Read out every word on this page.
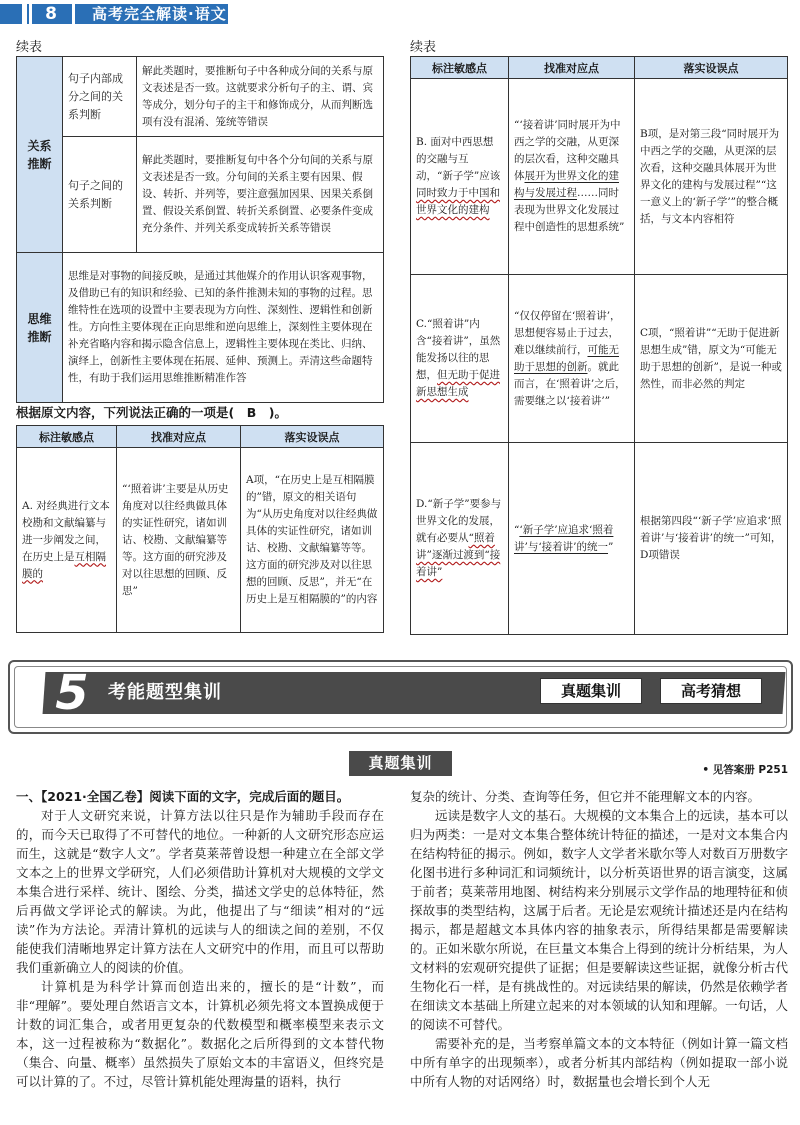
8	高考完全解读·语文
续表
关系推断	句子内部成分之间的关系判断	解此类题时，要推断句子中各种成分间的关系与原文表述是否一致。这就要求分析句子的主、谓、宾等成分，划分句子的主干和修饰成分，从而判断选项有没有混淆、笼统等错误
	句子之间的关系判断	解此类题时，要推断复句中各个分句间的关系与原文表述是否一致。分句间的关系主要有因果、假设、转折、并列等，要注意强加因果、因果关系倒置、假设关系倒置、转折关系倒置、必要条件变成充分条件、并列关系变成转折关系等错误
思维推断	思维是对事物的间接反映，是通过其他媒介的作用认识客观事物，及借助已有的知识和经验、已知的条件推测未知的事物的过程。思维特性在选项的设置中主要表现为方向性、深刻性、逻辑性和创新性。方向性主要体现在正向思维和逆向思维上，深刻性主要体现在补充省略内容和揭示隐含信息上，逻辑性主要体现在类比、归纳、演绎上，创新性主要体现在拓展、延伸、预测上。弄清这些命题特性，有助于我们运用思维推断精准作答	
根据原文内容，下列说法正确的一项是(　B　)。
标注敏感点	找准对应点	落实设误点
A. 对经典进行文本校勘和文献编纂与进一步阐发之间，在历史上是互相隔膜的	“‘照着讲’主要是从历史角度对以往经典做具体的实证性研究，诸如训诂、校勘、文献编纂等等。这方面的研究涉及对以往思想的回顾、反思”	A项，“在历史上是互相隔膜的”错，原文的相关语句为“从历史角度对以往经典做具体的实证性研究，诸如训诂、校勘、文献编纂等等。这方面的研究涉及对以往思想的回顾、反思”，并无“在历史上是互相隔膜的”的内容
续表
标注敏感点	找准对应点	落实设误点
B. 面对中西思想的交融与互动，“新子学”应该同时致力于中国和世界文化的建构	“‘接着讲’同时展开为中西之学的交融，从更深的层次看，这种交融具体展开为世界文化的建构与发展过程……同时表现为世界文化发展过程中创造性的思想系统”	B项，是对第三段“同时展开为中西之学的交融，从更深的层次看，这种交融具体展开为世界文化的建构与发展过程”“这一意义上的‘新子学’”的整合概括，与文本内容相符
C.“照着讲”内含“接着讲”，虽然能发扬以往的思想，但无助于促进新思想生成	“仅仅停留在‘照着讲’，思想便容易止于过去，难以继续前行，可能无助于思想的创新。就此而言，在‘照着讲’之后，需要继之以‘接着讲’”	C项，“照着讲”“无助于促进新思想生成”错，原文为“可能无助于思想的创新”，是说一种或然性，而非必然的判定
D.“新子学”要参与世界文化的发展，就有必要从“照着讲”逐渐过渡到“接着讲”	“‘新子学’应追求‘照着讲’与‘接着讲’的统一”	根据第四段“‘新子学’应追求‘照着讲’与‘接着讲’的统一”可知，D项错误
5	考能题型集训	真题集训	高考猜想
真题集训	• 见答案册 P251

一、【2021·全国乙卷】阅读下面的文字，完成后面的题目。

对于人文研究来说，计算方法以往只是作为辅助手段而存在的，而今天已取得了不可替代的地位。一种新的人文研究形态应运而生，这就是“数字人文”。学者莫莱蒂曾设想一种建立在全部文学文本之上的世界文学研究，人们必须借助计算机对大规模的文学文本集合进行采样、统计、图绘、分类，描述文学史的总体特征，然后再做文学评论式的解读。为此，他提出了与“细读”相对的“远读”作为方法论。弄清计算机的远读与人的细读之间的差别，不仅能使我们清晰地界定计算方法在人文研究中的作用，而且可以帮助我们重新确立人的阅读的价值。

计算机是为科学计算而创造出来的，擅长的是“计数”，而非“理解”。要处理自然语言文本，计算机必须先将文本置换成便于计数的词汇集合，或者用更复杂的代数模型和概率模型来表示文本，这一过程被称为“数据化”。数据化之后所得到的文本替代物（集合、向量、概率）虽然损失了原始文本的丰富语义，但终究是可以计算的了。不过，尽管计算机能处理海量的语料，执行

复杂的统计、分类、查询等任务，但它并不能理解文本的内容。

远读是数字人文的基石。大规模的文本集合上的远读，基本可以归为两类：一是对文本集合整体统计特征的描述，一是对文本集合内在结构特征的揭示。例如，数字人文学者米歇尔等人对数百万册数字化图书进行多种词汇和词频统计，以分析英语世界的语言演变，这属于前者；莫莱蒂用地图、树结构来分别展示文学作品的地理特征和侦探故事的类型结构，这属于后者。无论是宏观统计描述还是内在结构揭示，都是超越文本具体内容的抽象表示，所得结果都是需要解读的。正如米歇尔所说，在巨量文本集合上得到的统计分析结果，为人文材料的宏观研究提供了证据；但是要解读这些证据，就像分析古代生物化石一样，是有挑战性的。对远读结果的解读，仍然是依赖学者在细读文本基础上所建立起来的对本领域的认知和理解。一句话，人的阅读不可替代。

需要补充的是，当考察单篇文本的文本特征（例如计算一篇文档中所有单字的出现频率），或者分析其内部结构（例如提取一部小说中所有人物的对话网络）时，数据量也会增长到个人无
